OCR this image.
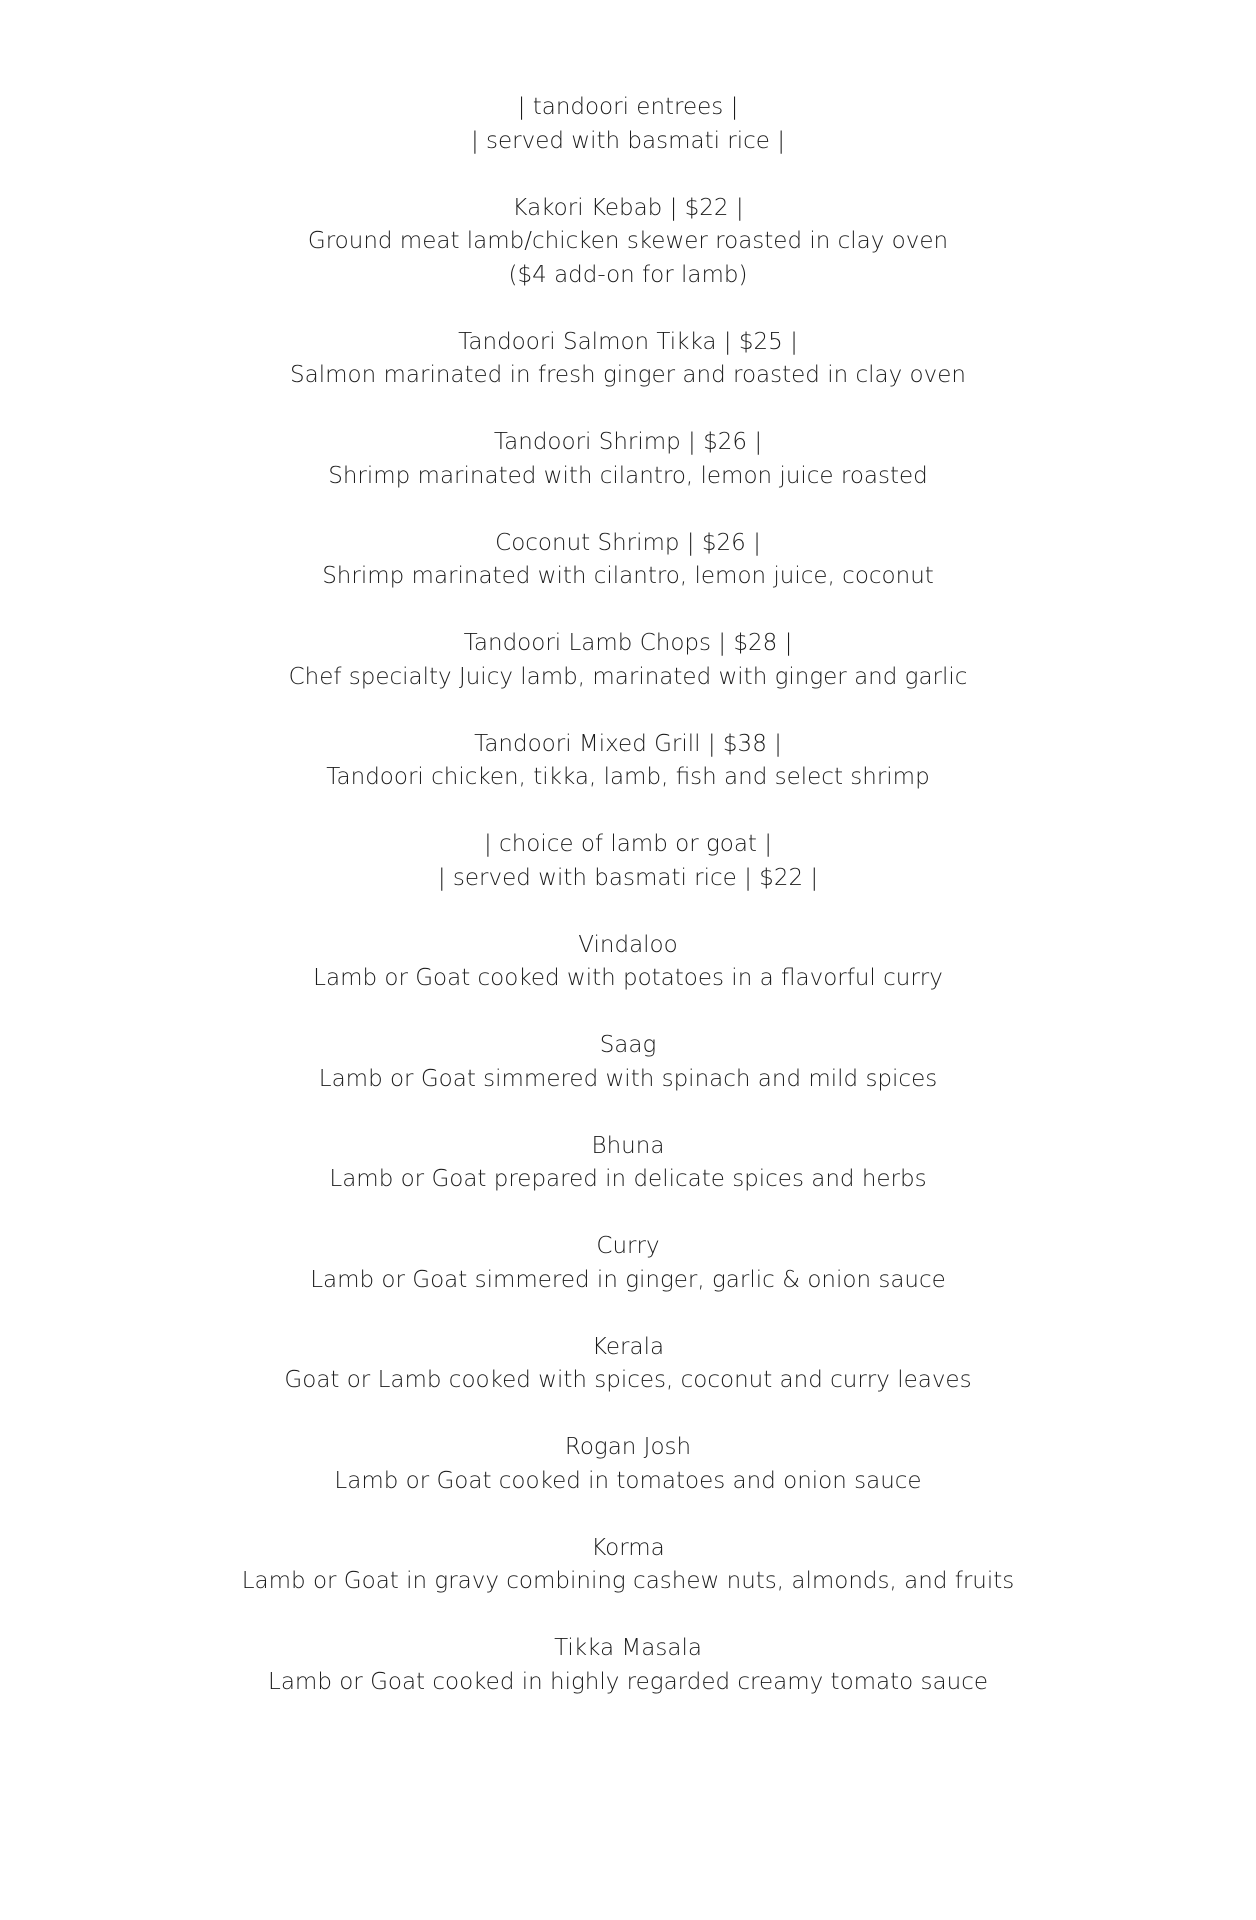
| tandoori entrees |
| served with basmati rice |
Kakori Kebab | $22 |
Ground meat lamb/chicken skewer roasted in clay oven
($4 add-on for lamb)
Tandoori Salmon Tikka | $25 |
Salmon marinated in fresh ginger and roasted in clay oven
Tandoori Shrimp | $26 |
Shrimp marinated with cilantro, lemon juice roasted
Coconut Shrimp | $26 |
Shrimp marinated with cilantro, lemon juice, coconut
Tandoori Lamb Chops | $28 |
Chef specialty Juicy lamb, marinated with ginger and garlic
Tandoori Mixed Grill | $38 |
Tandoori chicken, tikka, lamb, fish and select shrimp
| choice of lamb or goat |
| served with basmati rice | $22 |
Vindaloo
Lamb or Goat cooked with potatoes in a flavorful curry
Saag
Lamb or Goat simmered with spinach and mild spices
Bhuna
Lamb or Goat prepared in delicate spices and herbs
Curry
Lamb or Goat simmered in ginger, garlic & onion sauce
Kerala
Goat or Lamb cooked with spices, coconut and curry leaves
Rogan Josh
Lamb or Goat cooked in tomatoes and onion sauce
Korma
Lamb or Goat in gravy combining cashew nuts, almonds, and fruits
Tikka Masala
Lamb or Goat cooked in highly regarded creamy tomato sauce
